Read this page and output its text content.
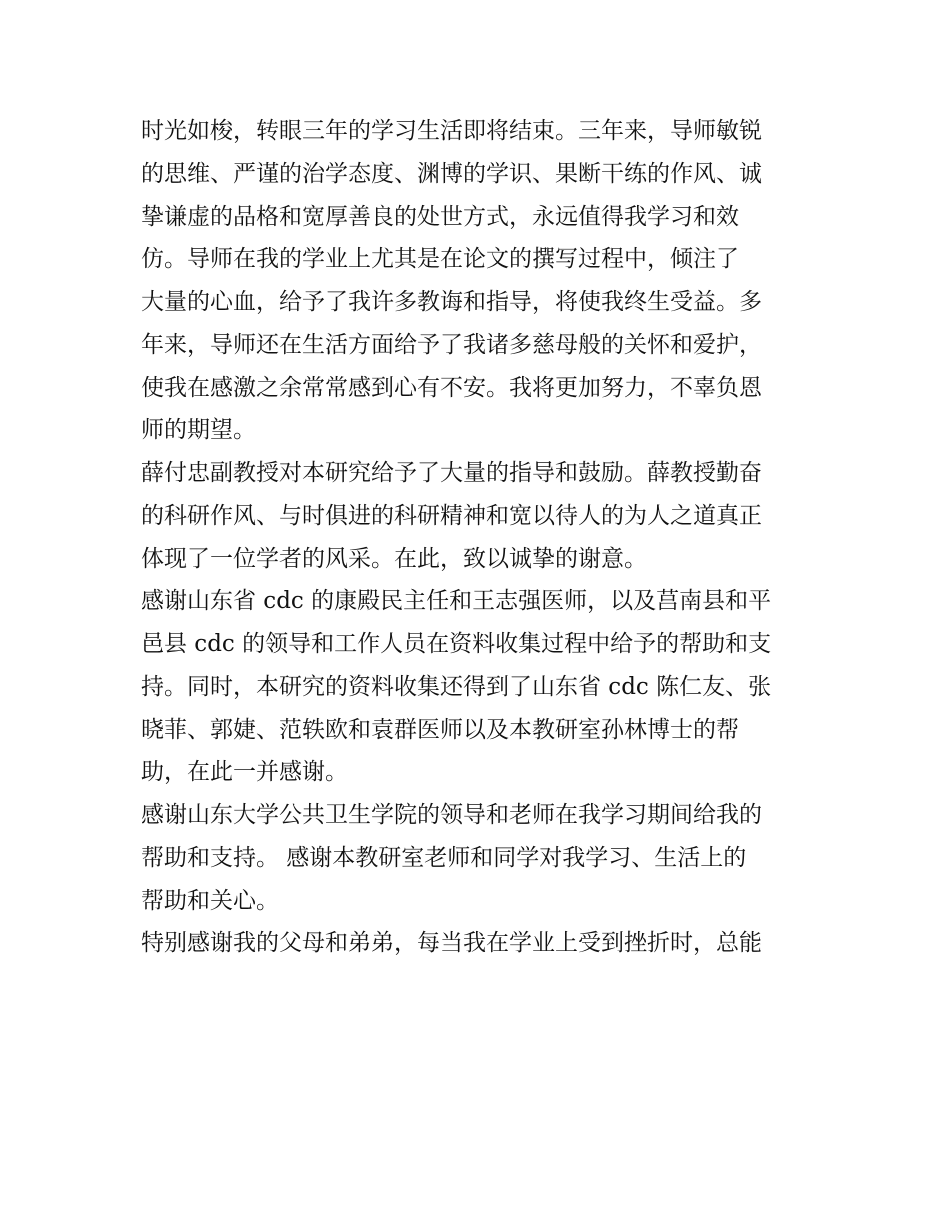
时光如梭，转眼三年的学习生活即将结束。三年来，导师敏锐
的思维、严谨的治学态度、渊博的学识、果断干练的作风、诚
挚谦虚的品格和宽厚善良的处世方式，永远值得我学习和效
仿。导师在我的学业上尤其是在论文的撰写过程中，倾注了
大量的心血，给予了我许多教诲和指导，将使我终生受益。多
年来，导师还在生活方面给予了我诸多慈母般的关怀和爱护，
使我在感激之余常常感到心有不安。我将更加努力，不辜负恩
师的期望。

薛付忠副教授对本研究给予了大量的指导和鼓励。薛教授勤奋
的科研作风、与时俱进的科研精神和宽以待人的为人之道真正
体现了一位学者的风采。在此，致以诚挚的谢意。

感谢山东省 cdc 的康殿民主任和王志强医师，以及莒南县和平
邑县 cdc 的领导和工作人员在资料收集过程中给予的帮助和支
持。同时，本研究的资料收集还得到了山东省 cdc 陈仁友、张
晓菲、郭婕、范轶欧和袁群医师以及本教研室孙林博士的帮
助，在此一并感谢。

感谢山东大学公共卫生学院的领导和老师在我学习期间给我的
帮助和支持。 感谢本教研室老师和同学对我学习、生活上的
帮助和关心。

特别感谢我的父母和弟弟，每当我在学业上受到挫折时，总能
